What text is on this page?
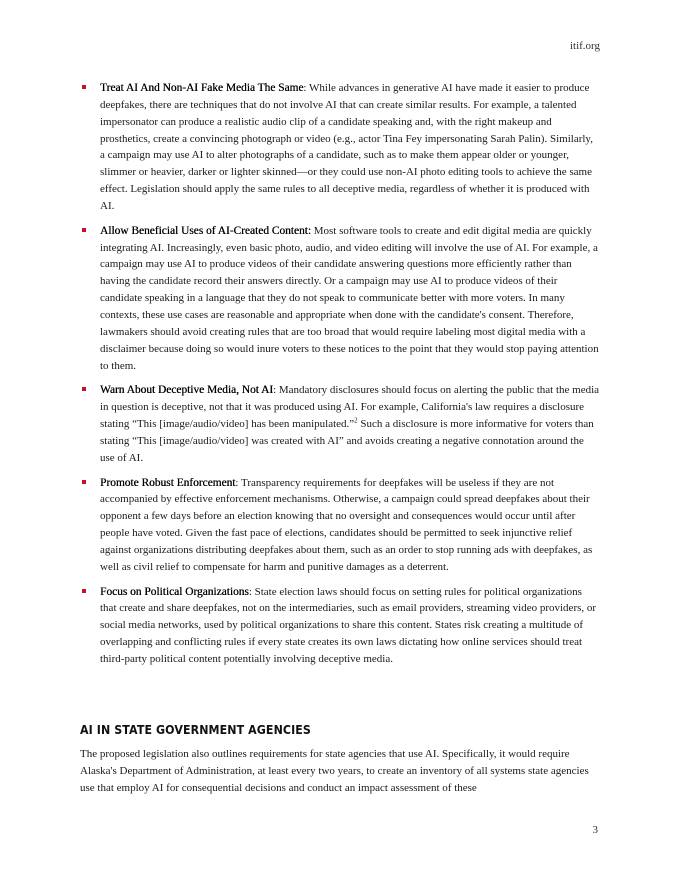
itif.org
Treat AI And Non-AI Fake Media The Same: While advances in generative AI have made it easier to produce deepfakes, there are techniques that do not involve AI that can create similar results. For example, a talented impersonator can produce a realistic audio clip of a candidate speaking and, with the right makeup and prosthetics, create a convincing photograph or video (e.g., actor Tina Fey impersonating Sarah Palin). Similarly, a campaign may use AI to alter photographs of a candidate, such as to make them appear older or younger, slimmer or heavier, darker or lighter skinned—or they could use non-AI photo editing tools to achieve the same effect. Legislation should apply the same rules to all deceptive media, regardless of whether it is produced with AI.
Allow Beneficial Uses of AI-Created Content: Most software tools to create and edit digital media are quickly integrating AI. Increasingly, even basic photo, audio, and video editing will involve the use of AI. For example, a campaign may use AI to produce videos of their candidate answering questions more efficiently rather than having the candidate record their answers directly. Or a campaign may use AI to produce videos of their candidate speaking in a language that they do not speak to communicate better with more voters. In many contexts, these use cases are reasonable and appropriate when done with the candidate's consent. Therefore, lawmakers should avoid creating rules that are too broad that would require labeling most digital media with a disclaimer because doing so would inure voters to these notices to the point that they would stop paying attention to them.
Warn About Deceptive Media, Not AI: Mandatory disclosures should focus on alerting the public that the media in question is deceptive, not that it was produced using AI. For example, California's law requires a disclosure stating “This [image/audio/video] has been manipulated.”$^2$ Such a disclosure is more informative for voters than stating “This [image/audio/video] was created with AI” and avoids creating a negative connotation around the use of AI.
Promote Robust Enforcement: Transparency requirements for deepfakes will be useless if they are not accompanied by effective enforcement mechanisms. Otherwise, a campaign could spread deepfakes about their opponent a few days before an election knowing that no oversight and consequences would occur until after people have voted. Given the fast pace of elections, candidates should be permitted to seek injunctive relief against organizations distributing deepfakes about them, such as an order to stop running ads with deepfakes, as well as civil relief to compensate for harm and punitive damages as a deterrent.
Focus on Political Organizations: State election laws should focus on setting rules for political organizations that create and share deepfakes, not on the intermediaries, such as email providers, streaming video providers, or social media networks, used by political organizations to share this content. States risk creating a multitude of overlapping and conflicting rules if every state creates its own laws dictating how online services should treat third-party political content potentially involving deceptive media.
AI IN STATE GOVERNMENT AGENCIES

The proposed legislation also outlines requirements for state agencies that use AI. Specifically, it would require Alaska's Department of Administration, at least every two years, to create an inventory of all systems state agencies use that employ AI for consequential decisions and conduct an impact assessment of these

3
